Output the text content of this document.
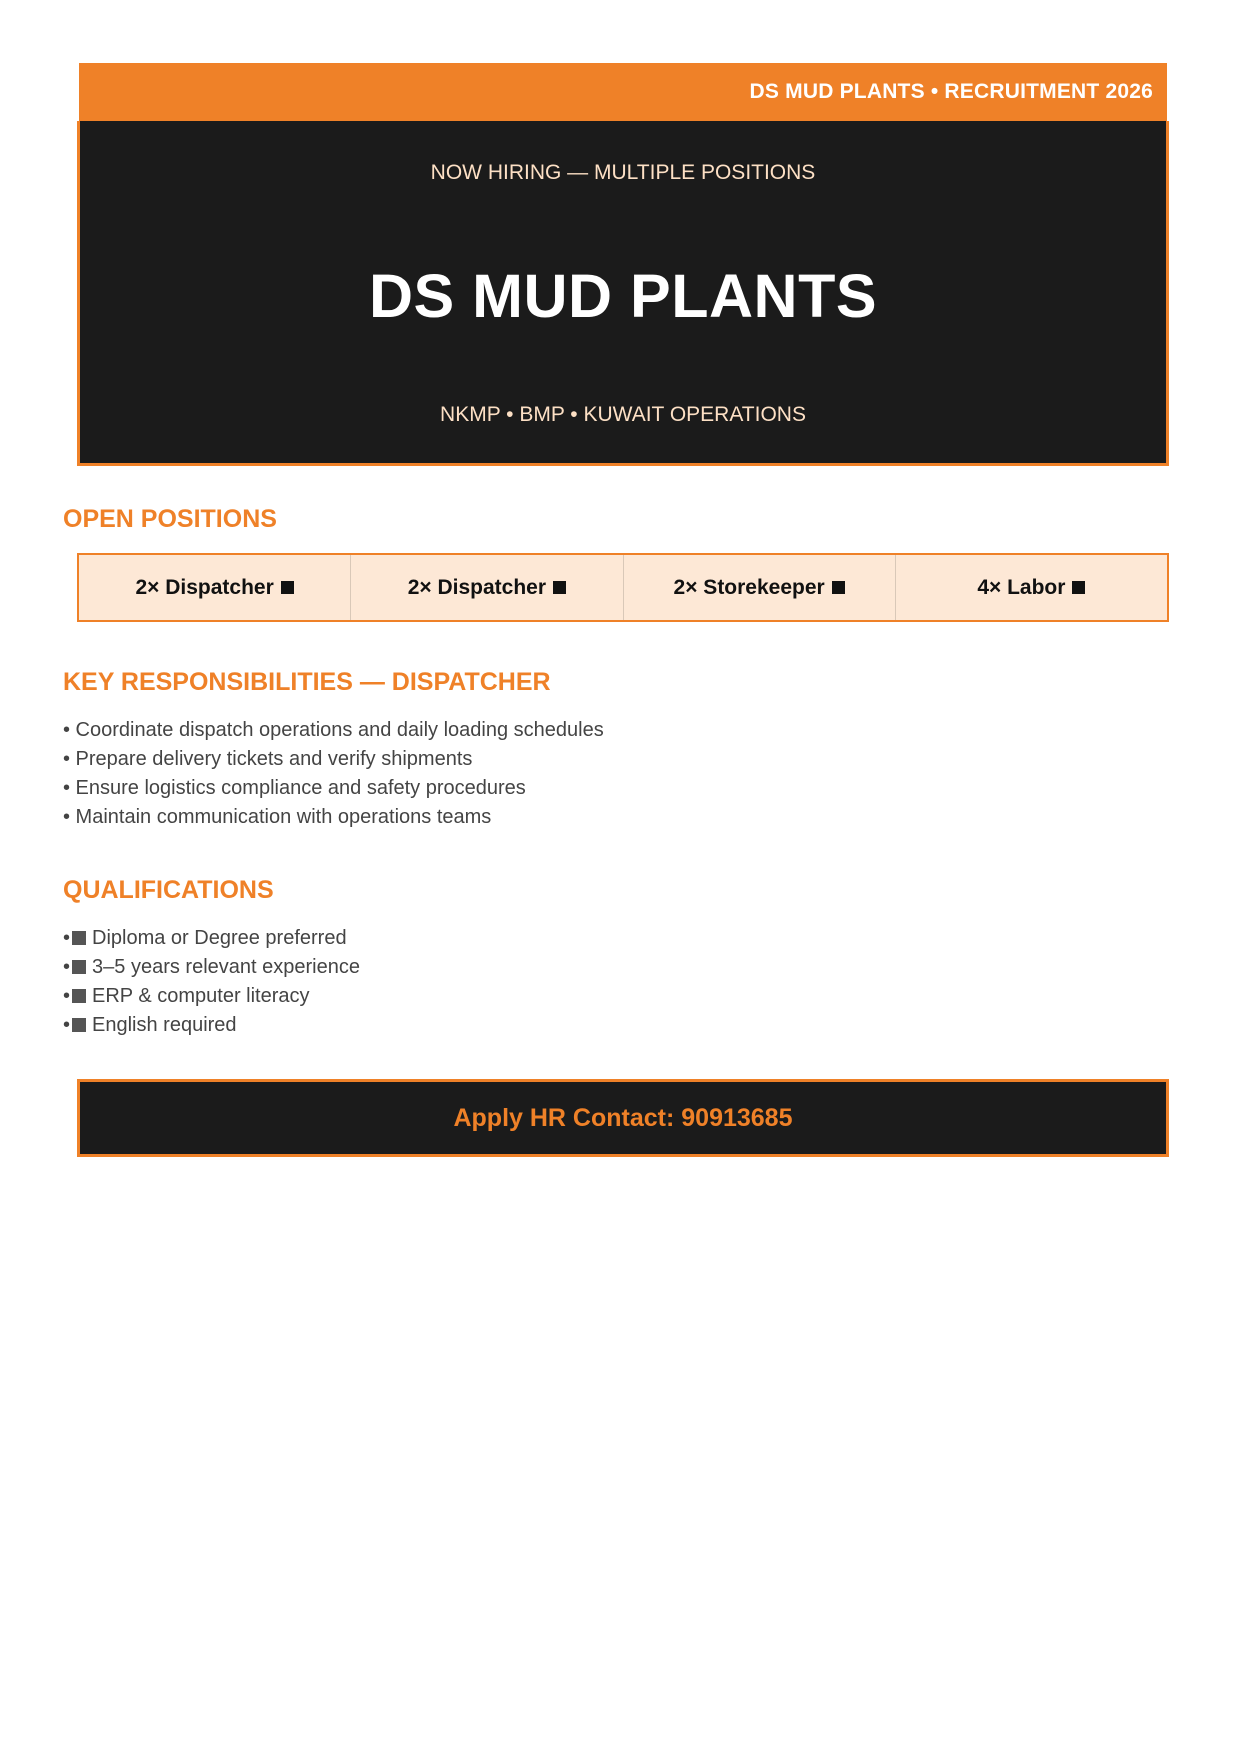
DS MUD PLANTS • RECRUITMENT 2026
NOW HIRING — MULTIPLE POSITIONS
DS MUD PLANTS
NKMP • BMP • KUWAIT OPERATIONS
OPEN POSITIONS
2× Dispatcher	2× Dispatcher	2× Storekeeper	4× Labor
KEY RESPONSIBILITIES — DISPATCHER
• Coordinate dispatch operations and daily loading schedules
• Prepare delivery tickets and verify shipments
• Ensure logistics compliance and safety procedures
• Maintain communication with operations teams
QUALIFICATIONS
• Diploma or Degree preferred
• 3–5 years relevant experience
• ERP & computer literacy
• English required
Apply HR Contact: 90913685
